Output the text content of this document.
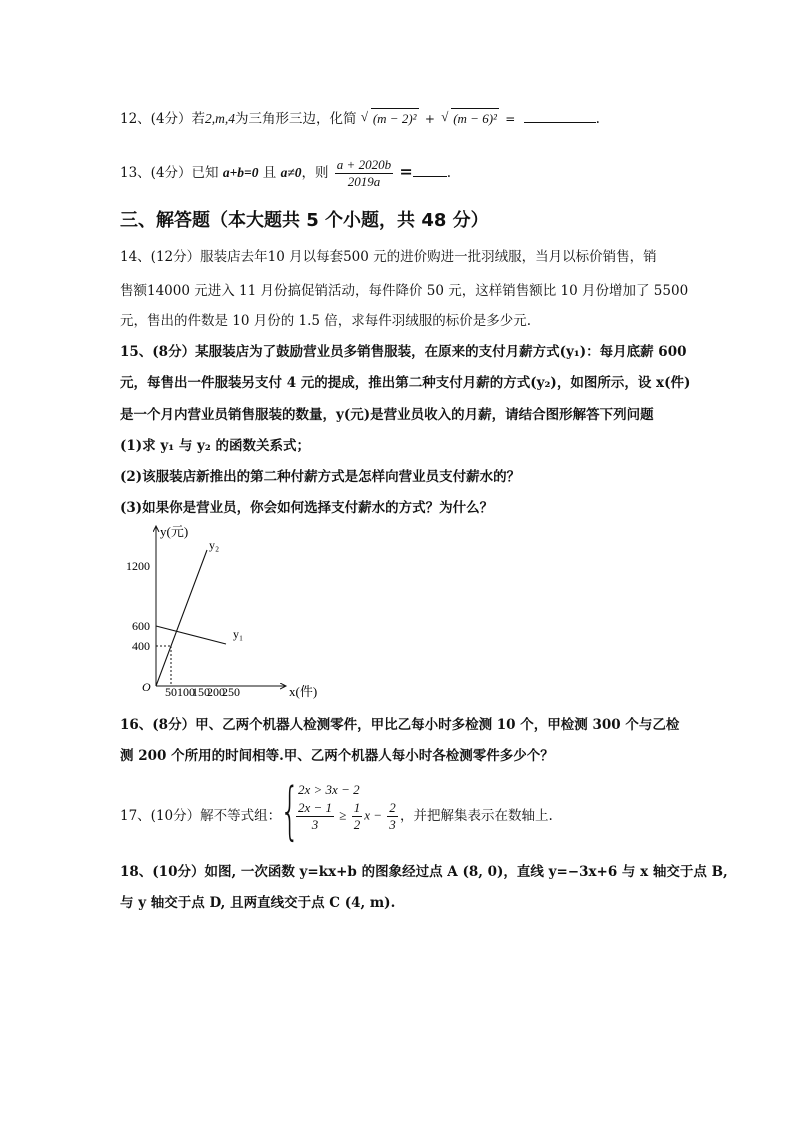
12、(4分）若2,m,4为三角形三边，化简 √ (m − 2)² + √ (m − 6)² =	.
13、(4分）已知 a+b=0 且 a≠0，则 $\frac{a + 2020b}{2019a}$ =	.
三、解答题（本大题共 5 个小题，共 48 分）
14、(12分）服装店去年10 月以每套500 元的进价购进一批羽绒服，当月以标价销售，销
售额14000 元进入 11 月份搞促销活动，每件降价 50 元，这样销售额比 10 月份增加了 5500
元，售出的件数是 10 月份的 1.5 倍，求每件羽绒服的标价是多少元.
15、(8分）某服装店为了鼓励营业员多销售服装，在原来的支付月薪方式(y₁)：每月底薪 600
元，每售出一件服装另支付 4 元的提成，推出第二种支付月薪的方式(y₂)，如图所示，设 x(件)
是一个月内营业员销售服装的数量，y(元)是营业员收入的月薪，请结合图形解答下列问题
(1)求 y₁ 与 y₂ 的函数关系式；
(2)该服装店新推出的第二种付薪方式是怎样向营业员支付薪水的？
(3)如果你是营业员，你会如何选择支付薪水的方式？为什么？
y(元)
x(件)
O 50 100
150
200
250
400
600
1200
y₁
y₂
16、(8分）甲、乙两个机器人检测零件，甲比乙每小时多检测 10 个，甲检测 300 个与乙检
测 200 个所用的时间相等.甲、乙两个机器人每小时各检测零件多少个？
17、(10分）解不等式组：
{
2x > 3x − 2
$\frac{2x - 1}{3} \ge \frac{1}{2}$ $x - \frac{2}{3}$ ，并把解集表示在数轴上.
18、(10分）如图, 一次函数 y=kx+b 的图象经过点 A (8, 0)，直线 y=−3x+6 与 x 轴交于点 B,
与 y 轴交于点 D, 且两直线交于点 C (4, m).
